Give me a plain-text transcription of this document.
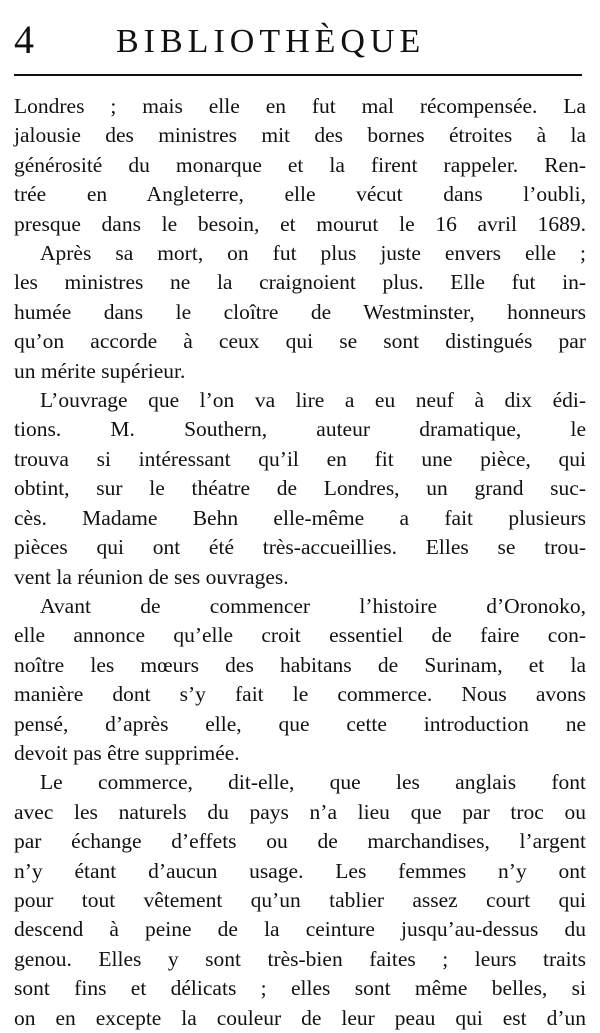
4 BIBLIOTHÈQUE

Londres ; mais elle en fut mal récompensée. La
jalousie des ministres mit des bornes étroites à la
générosité du monarque et la firent rappeler. Ren-
trée en Angleterre, elle vécut dans l’oubli,
presque dans le besoin, et mourut le 16 avril 1689.

Après sa mort, on fut plus juste envers elle ;
les ministres ne la craignoient plus. Elle fut in-
humée dans le cloître de Westminster, honneurs
qu’on accorde à ceux qui se sont distingués par
un mérite supérieur.

L’ouvrage que l’on va lire a eu neuf à dix édi-
tions. M. Southern, auteur dramatique, le
trouva si intéressant qu’il en fit une pièce, qui
obtint, sur le théatre de Londres, un grand suc-
cès. Madame Behn elle-même a fait plusieurs
pièces qui ont été très-accueillies. Elles se trou-
vent la réunion de ses ouvrages.

Avant de commencer l’histoire d’Oronoko,
elle annonce qu’elle croit essentiel de faire con-
noître les mœurs des habitans de Surinam, et la
manière dont s’y fait le commerce. Nous avons
pensé, d’après elle, que cette introduction ne
devoit pas être supprimée.

Le commerce, dit-elle, que les anglais font
avec les naturels du pays n’a lieu que par troc ou
par échange d’effets ou de marchandises, l’argent
n’y étant d’aucun usage. Les femmes n’y ont
pour tout vêtement qu’un tablier assez court qui
descend à peine de la ceinture jusqu’au-dessus du
genou. Elles y sont très-bien faites ; leurs traits
sont fins et délicats ; elles sont même belles, si
on en excepte la couleur de leur peau qui est d’un
